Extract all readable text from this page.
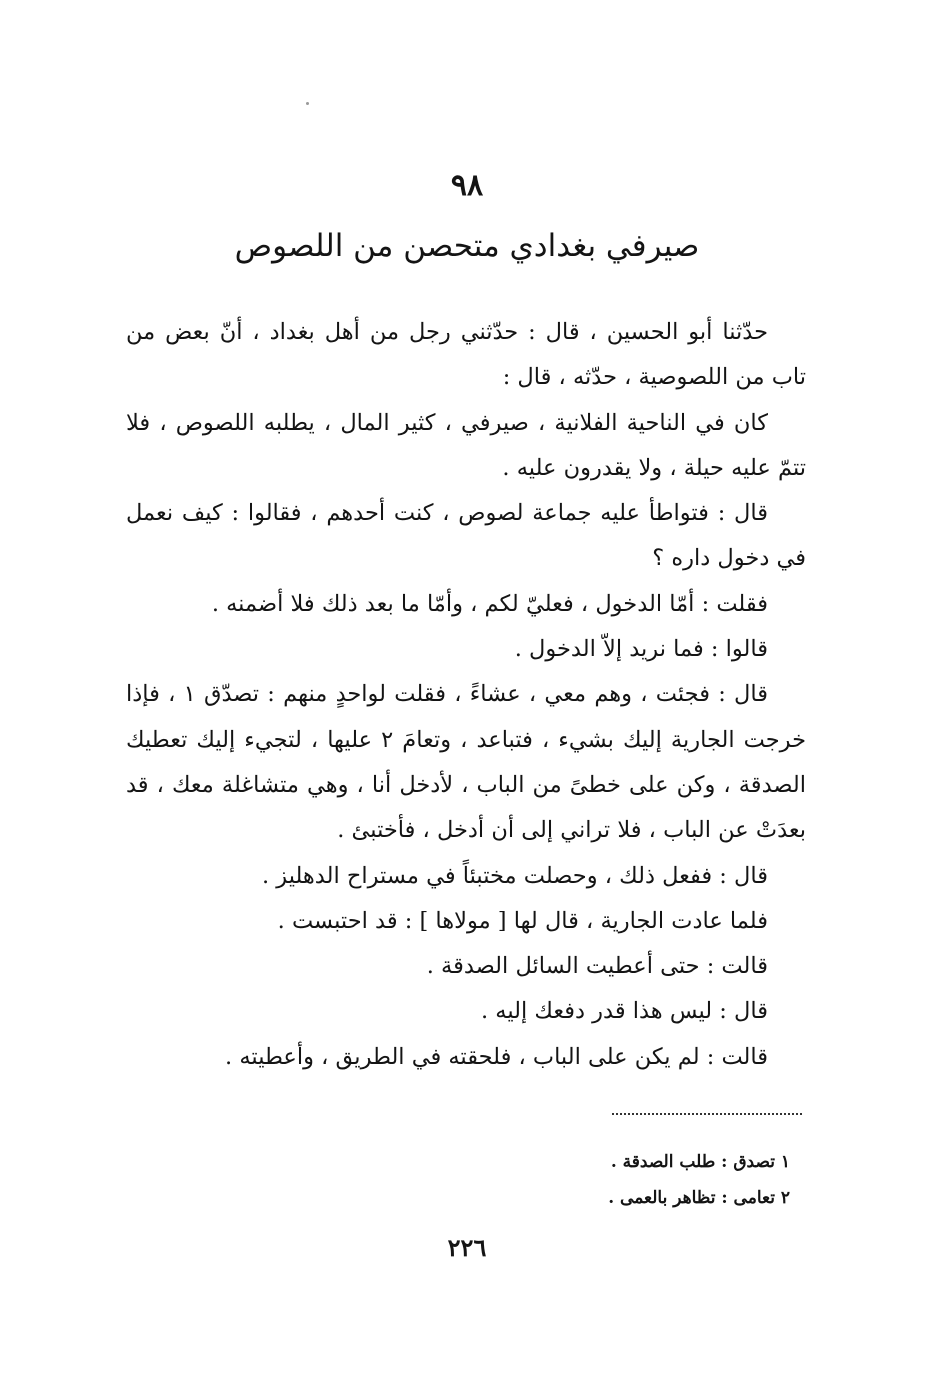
٩٨
صيرفي بغدادي متحصن من اللصوص

حدّثنا أبو الحسين ، قال : حدّثني رجل من أهل بغداد ، أنّ بعض من تاب من اللصوصية ، حدّثه ، قال :

كان في الناحية الفلانية ، صيرفي ، كثير المال ، يطلبه اللصوص ، فلا تتمّ عليه حيلة ، ولا يقدرون عليه .

قال : فتواطأ عليه جماعة لصوص ، كنت أحدهم ، فقالوا : كيف نعمل في دخول داره ؟

فقلت : أمّا الدخول ، فعليّ لكم ، وأمّا ما بعد ذلك فلا أضمنه .

قالوا : فما نريد إلاّ الدخول .

قال : فجئت ، وهم معي ، عشاءً ، فقلت لواحدٍ منهم : تصدّق ١ ، فإذا خرجت الجارية إليك بشيء ، فتباعد ، وتعامَ ٢ عليها ، لتجيء إليك تعطيك الصدقة ، وكن على خطىً من الباب ، لأدخل أنا ، وهي متشاغلة معك ، قد بعدَتْ عن الباب ، فلا تراني إلى أن أدخل ، فأختبئ .

قال : ففعل ذلك ، وحصلت مختبئاً في مستراح الدهليز .

فلما عادت الجارية ، قال لها [ مولاها ] : قد احتبست .

قالت : حتى أعطيت السائل الصدقة .

قال : ليس هذا قدر دفعك إليه .

قالت : لم يكن على الباب ، فلحقته في الطريق ، وأعطيته .

١ تصدق : طلب الصدقة .

٢ تعامى : تظاهر بالعمى .

٢٢٦
